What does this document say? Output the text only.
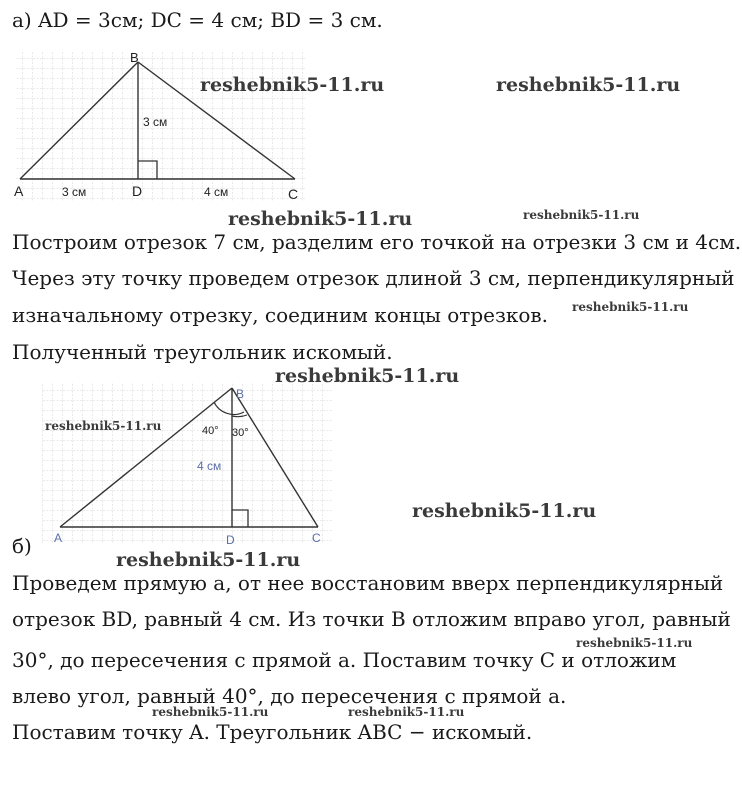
а) AD = 3см; DC = 4 см; BD = 3 см.
A
B
C
D
3 см	4 см
3 см
Построим отрезок 7 см, разделим его точкой на отрезки 3 см и 4см.
Через эту точку проведем отрезок длиной 3 см, перпендикулярный
изначальному отрезку, соединим концы отрезков.
Полученный треугольник искомый.
A
B
C
D
4 см
40° 30°
б)
Проведем прямую a, от нее восстановим вверх перпендикулярный
отрезок BD, равный 4 см. Из точки B отложим вправо угол, равный
30°, до пересечения с прямой a. Поставим точку C и отложим
влево угол, равный 40°, до пересечения с прямой a.
Поставим точку A. Треугольник ABC − искомый.
reshebnik5-11.ru	reshebnik5-11.ru
reshebnik5-11.ru	reshebnik5-11.ru
reshebnik5-11.ru
reshebnik5-11.ru
reshebnik5-11.ru
reshebnik5-11.ru
reshebnik5-11.ru
reshebnik5-11.ru
reshebnik5-11.ru	reshebnik5-11.ru
